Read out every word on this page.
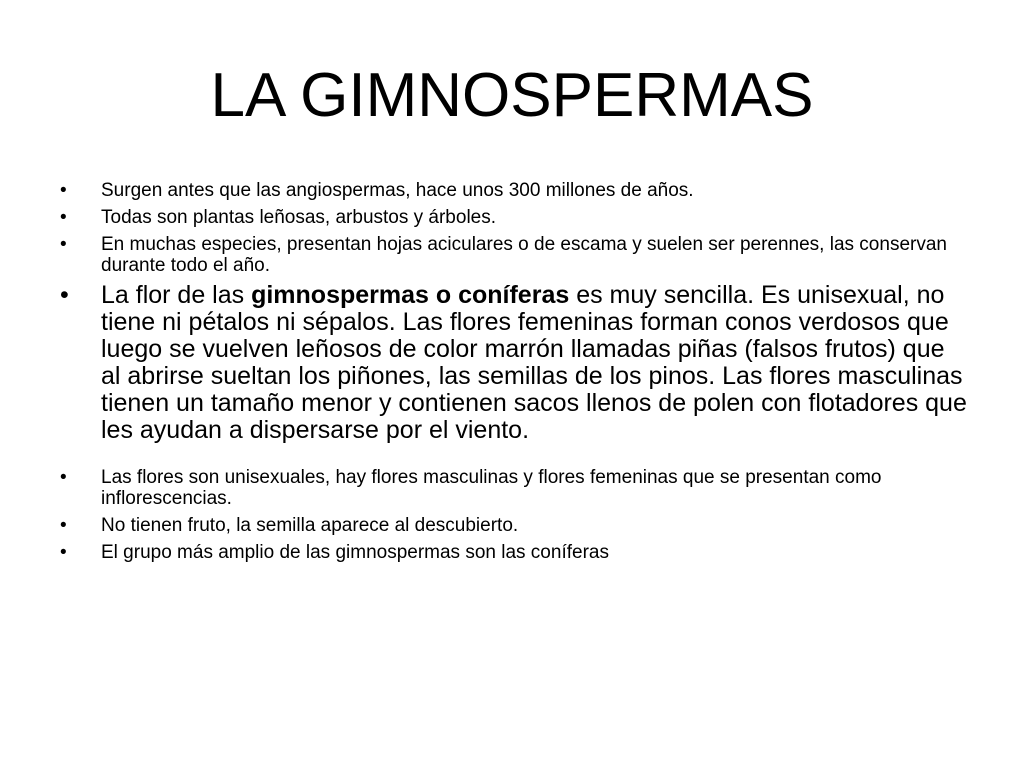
LA GIMNOSPERMAS
• Surgen antes que las angiospermas, hace unos 300 millones de años.
• Todas son plantas leñosas, arbustos y árboles.
• En muchas especies, presentan hojas aciculares o de escama y suelen ser perennes, las conservan durante todo el año.
• La flor de las gimnospermas o coníferas es muy sencilla. Es unisexual, no tiene ni pétalos ni sépalos. Las flores femeninas forman conos verdosos que luego se vuelven leñosos de color marrón llamadas piñas (falsos frutos) que al abrirse sueltan los piñones, las semillas de los pinos. Las flores masculinas tienen un tamaño menor y contienen sacos llenos de polen con flotadores que les ayudan a dispersarse por el viento.
• Las flores son unisexuales, hay flores masculinas y flores femeninas que se presentan como inflorescencias.
• No tienen fruto, la semilla aparece al descubierto.
• El grupo más amplio de las gimnospermas son las coníferas
